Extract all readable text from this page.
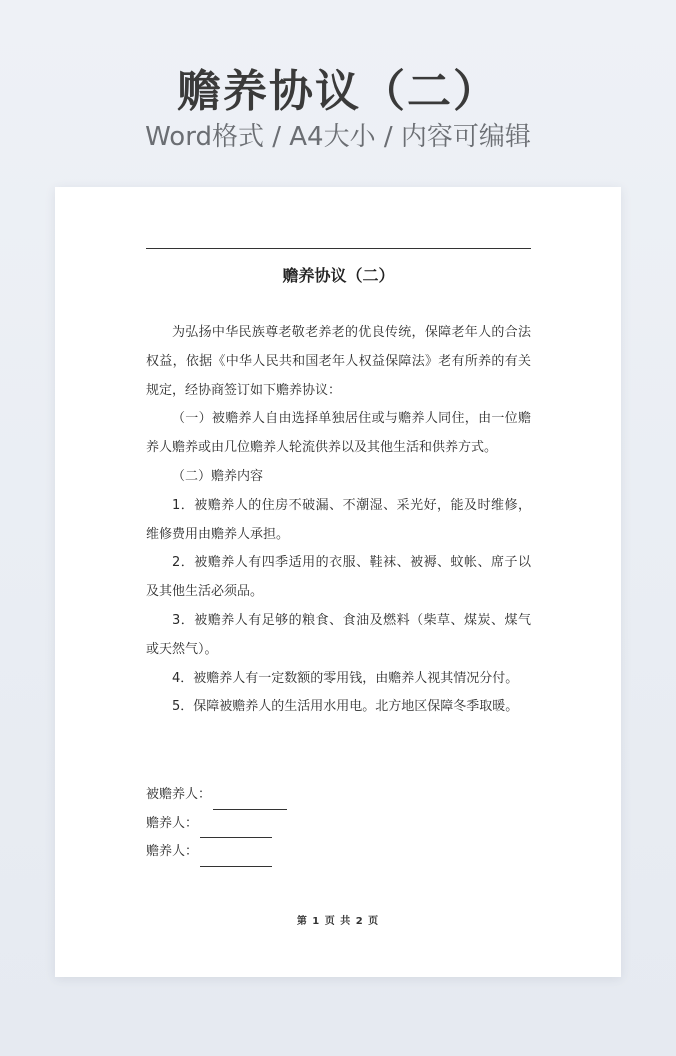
赡养协议（二）
Word格式 / A4大小 / 内容可编辑
赡养协议（二）

为弘扬中华民族尊老敬老养老的优良传统，保障老年人的合法权益，依据《中华人民共和国老年人权益保障法》老有所养的有关规定，经协商签订如下赡养协议：

（一）被赡养人自由选择单独居住或与赡养人同住，由一位赡养人赡养或由几位赡养人轮流供养以及其他生活和供养方式。

（二）赡养内容

1．被赡养人的住房不破漏、不潮湿、采光好，能及时维修，维修费用由赡养人承担。

2．被赡养人有四季适用的衣服、鞋袜、被褥、蚊帐、席子以及其他生活必须品。

3．被赡养人有足够的粮食、食油及燃料（柴草、煤炭、煤气或天然气）。

4．被赡养人有一定数额的零用钱，由赡养人视其情况分付。

5．保障被赡养人的生活用水用电。北方地区保障冬季取暖。

被赡养人：
赡养人：
赡养人：
第 1 页 共 2 页
